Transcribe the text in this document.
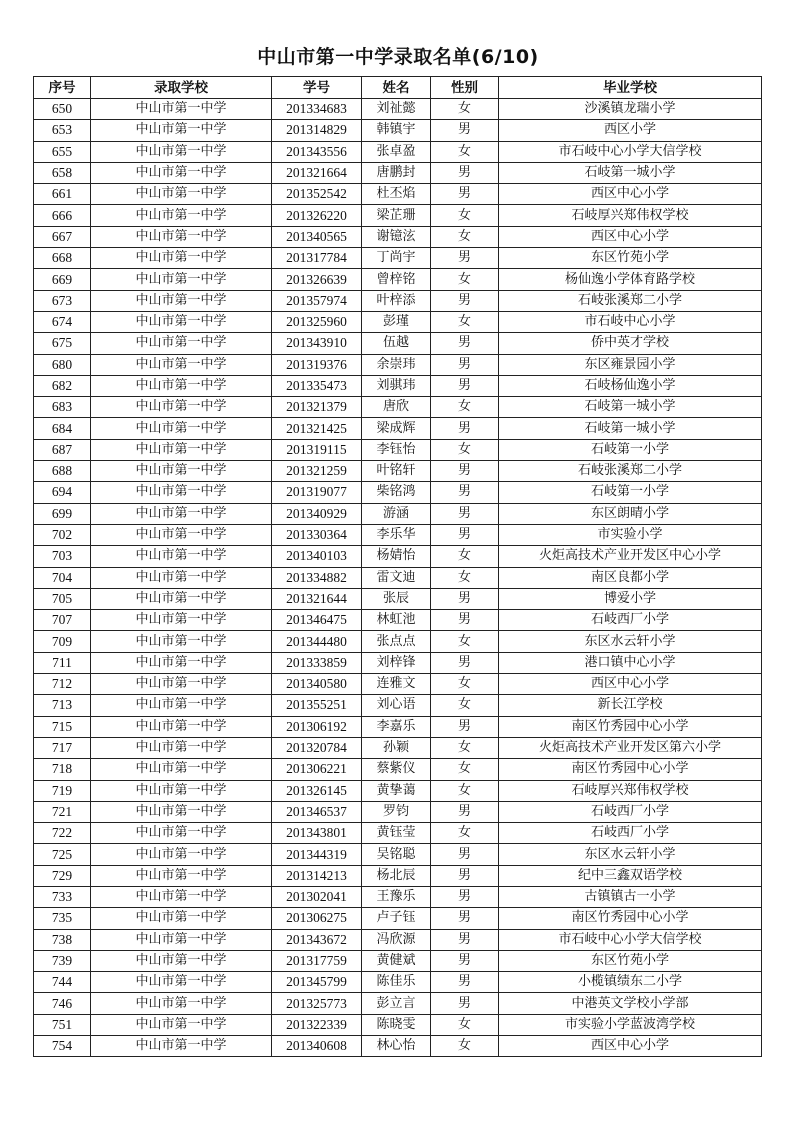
中山市第一中学录取名单(6/10)
序号	录取学校	学号	姓名	性别	毕业学校
650	中山市第一中学	201334683	刘祉懿	女	沙溪镇龙瑞小学
653	中山市第一中学	201314829	韩镇宇	男	西区小学
655	中山市第一中学	201343556	张卓盈	女	市石岐中心小学大信学校
658	中山市第一中学	201321664	唐鹏封	男	石岐第一城小学
661	中山市第一中学	201352542	杜丕焰	男	西区中心小学
666	中山市第一中学	201326220	梁芷珊	女	石岐厚兴郑伟权学校
667	中山市第一中学	201340565	谢镱泫	女	西区中心小学
668	中山市第一中学	201317784	丁尚宇	男	东区竹苑小学
669	中山市第一中学	201326639	曾梓铭	女	杨仙逸小学体育路学校
673	中山市第一中学	201357974	叶梓添	男	石岐张溪郑二小学
674	中山市第一中学	201325960	彭瑾	女	市石岐中心小学
675	中山市第一中学	201343910	伍越	男	侨中英才学校
680	中山市第一中学	201319376	余崇玮	男	东区雍景园小学
682	中山市第一中学	201335473	刘骐玮	男	石岐杨仙逸小学
683	中山市第一中学	201321379	唐欣	女	石岐第一城小学
684	中山市第一中学	201321425	梁成辉	男	石岐第一城小学
687	中山市第一中学	201319115	李钰怡	女	石岐第一小学
688	中山市第一中学	201321259	叶铭轩	男	石岐张溪郑二小学
694	中山市第一中学	201319077	柴铭鸿	男	石岐第一小学
699	中山市第一中学	201340929	游涵	男	东区朗晴小学
702	中山市第一中学	201330364	李乐华	男	市实验小学
703	中山市第一中学	201340103	杨婧怡	女	火炬高技术产业开发区中心小学
704	中山市第一中学	201334882	雷文迪	女	南区良都小学
705	中山市第一中学	201321644	张辰	男	博爱小学
707	中山市第一中学	201346475	林虹池	男	石岐西厂小学
709	中山市第一中学	201344480	张点点	女	东区水云轩小学
711	中山市第一中学	201333859	刘梓锋	男	港口镇中心小学
712	中山市第一中学	201340580	连雅文	女	西区中心小学
713	中山市第一中学	201355251	刘心语	女	新长江学校
715	中山市第一中学	201306192	李嘉乐	男	南区竹秀园中心小学
717	中山市第一中学	201320784	孙颖	女	火炬高技术产业开发区第六小学
718	中山市第一中学	201306221	蔡紫仪	女	南区竹秀园中心小学
719	中山市第一中学	201326145	黄挚蔼	女	石岐厚兴郑伟权学校
721	中山市第一中学	201346537	罗钧	男	石岐西厂小学
722	中山市第一中学	201343801	黄钰莹	女	石岐西厂小学
725	中山市第一中学	201344319	吴铭聪	男	东区水云轩小学
729	中山市第一中学	201314213	杨北辰	男	纪中三鑫双语学校
733	中山市第一中学	201302041	王豫乐	男	古镇镇古一小学
735	中山市第一中学	201306275	卢子钰	男	南区竹秀园中心小学
738	中山市第一中学	201343672	冯欣源	男	市石岐中心小学大信学校
739	中山市第一中学	201317759	黄健斌	男	东区竹苑小学
744	中山市第一中学	201345799	陈佳乐	男	小榄镇绩东二小学
746	中山市第一中学	201325773	彭立言	男	中港英文学校小学部
751	中山市第一中学	201322339	陈晓雯	女	市实验小学蓝波湾学校
754	中山市第一中学	201340608	林心怡	女	西区中心小学
